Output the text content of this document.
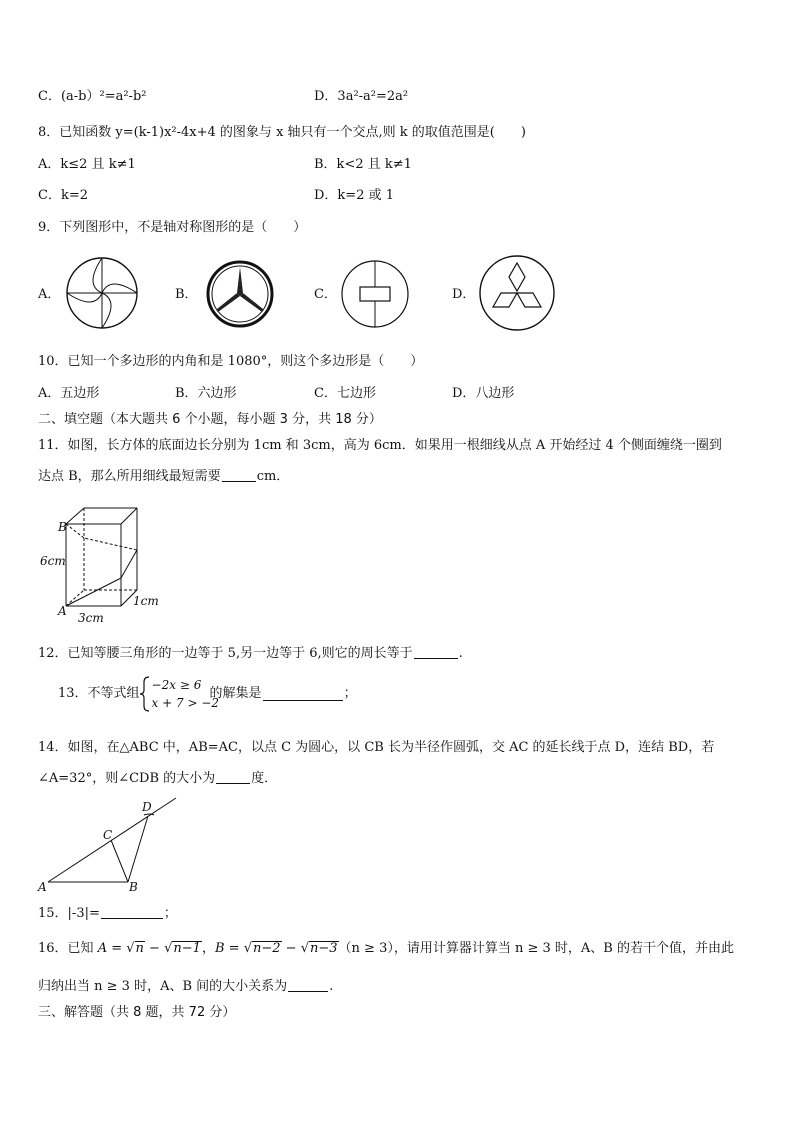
C．(a-b）²=a²-b²	D．3a²-a²=2a²
8．已知函数 y=(k-1)x²-4x+4 的图象与 x 轴只有一个交点,则 k 的取值范围是(　　)
A．k≤2 且 k≠1	B．k<2 且 k≠1
C．k=2	D．k=2 或 1
9．下列图形中，不是轴对称图形的是（　　）
A．	B．	C．	D．
10．已知一个多边形的内角和是 1080°，则这个多边形是（　　）
A．五边形	B．六边形	C．七边形	D．八边形
二、填空题（本大题共 6 个小题，每小题 3 分，共 18 分）
11．如图，长方体的底面边长分别为 1cm 和 3cm，高为 6cm．如果用一根细线从点 A 开始经过 4 个侧面缠绕一圈到
达点 B，那么所用细线最短需要	cm．
B
A
6cm
1cm
3cm
12．已知等腰三角形的一边等于 5,另一边等于 6,则它的周长等于	.
13．不等式组
−2x ≥ 6
x + 7 > −2
的解集是	；
14．如图，在△ABC 中，AB=AC，以点 C 为圆心，以 CB 长为半径作圆弧，交 AC 的延长线于点 D，连结 BD，若
∠A=32°，则∠CDB 的大小为	度．
A	B
C
D
15．|-3|=	；
16．已知 A = √n − √n−1，B = √n−2 − √n−3（n ≥ 3），请用计算器计算当 n ≥ 3 时，A、B 的若干个值，并由此
归纳出当 n ≥ 3 时，A、B 间的大小关系为	.
三、解答题（共 8 题，共 72 分）
